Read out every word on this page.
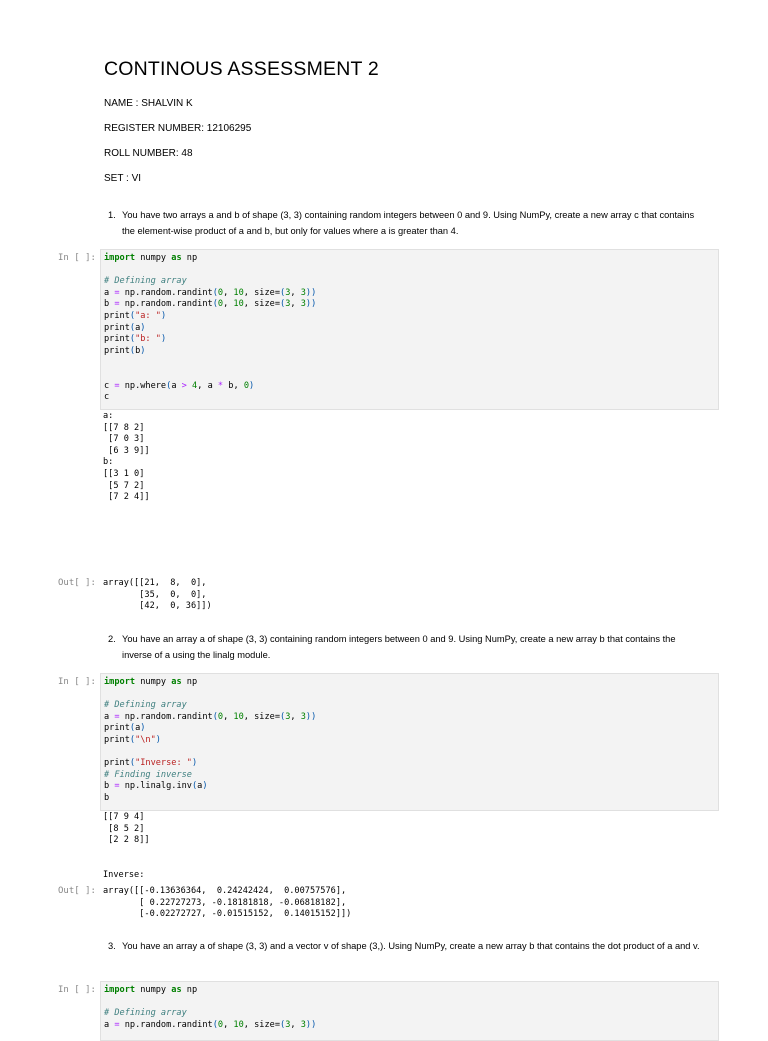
CONTINOUS ASSESSMENT 2
NAME : SHALVIN K
REGISTER NUMBER: 12106295
ROLL NUMBER: 48
SET : VI
1. You have two arrays a and b of shape (3, 3) containing random integers between 0 and 9. Using NumPy, create a new array c that contains the element-wise product of a and b, but only for values where a is greater than 4.
In [ ]: import numpy as np

# Defining array
a = np.random.randint(0, 10, size=(3, 3))
b = np.random.randint(0, 10, size=(3, 3))
print("a: ")
print(a)
print("b: ")
print(b)

c = np.where(a > 4, a * b, 0)
c
a:
[[7 8 2]
[7 0 3]
[6 3 9]]
b:
[[3 1 0]
[5 7 2]
[7 2 4]]
Out[ ]: array([[21,  8,  0],
[35,  0,  0],
[42,  0, 36]])
2. You have an array a of shape (3, 3) containing random integers between 0 and 9. Using NumPy, create a new array b that contains the inverse of a using the linalg module.
In [ ]: import numpy as np

# Defining array
a = np.random.randint(0, 10, size=(3, 3))
print(a)
print("\n")

print("Inverse: ")
# Finding inverse
b = np.linalg.inv(a)
b
[[7 9 4]
[8 5 2]
[2 2 8]]

Inverse:
Out[ ]: array([[-0.13636364,  0.24242424,  0.00757576],
[ 0.22727273, -0.18181818, -0.06818182],
[-0.02272727, -0.01515152,  0.14015152]])
3. You have an array a of shape (3, 3) and a vector v of shape (3,). Using NumPy, create a new array b that contains the dot product of a and v.
In [ ]: import numpy as np

# Defining array
a = np.random.randint(0, 10, size=(3, 3))
